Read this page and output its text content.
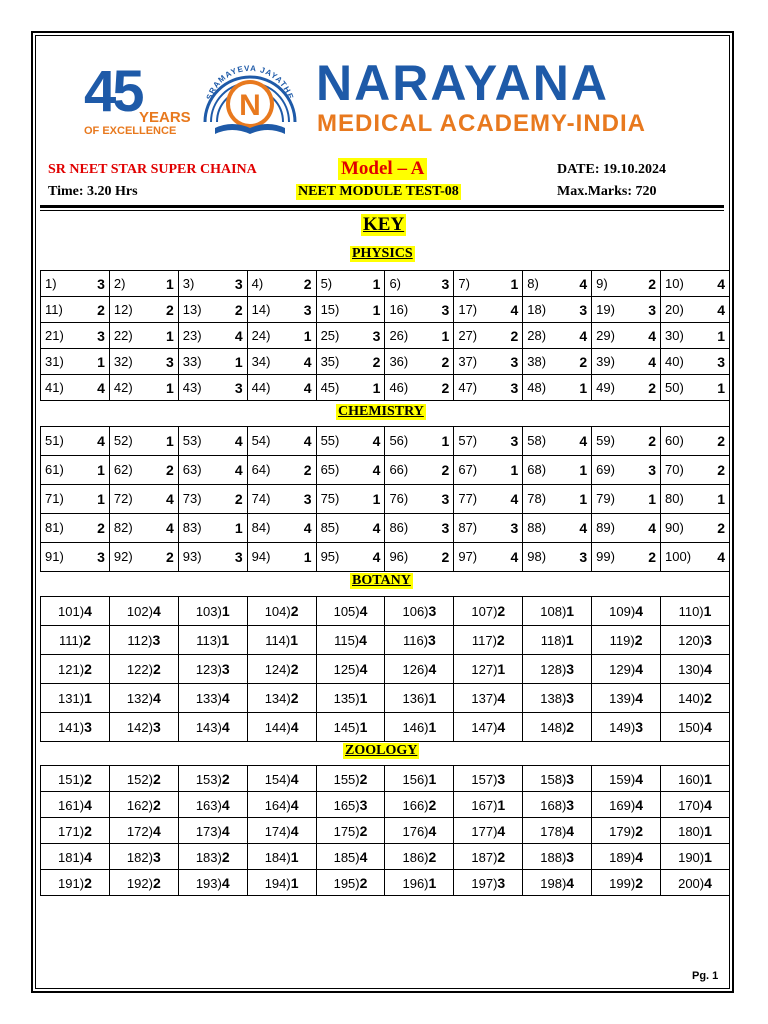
45
YEARS
OF EXCELLENCE
SRAMAYEVA JAYATHE
N NARAYANA
MEDICAL ACADEMY-INDIA
SR NEET STAR SUPER CHAINA	Model – A	DATE: 19.10.2024
Time: 3.20 Hrs	NEET MODULE TEST-08	Max.Marks: 720
KEY
PHYSICS
1) 3	2) 1	3) 3	4) 2	5) 1	6) 3	7) 1	8) 4	9) 2	10) 4

11) 2	12) 2	13) 2	14) 3	15) 1	16) 3	17) 4	18) 3	19) 3	20) 4

21) 3	22) 1	23) 4	24) 1	25) 3	26) 1	27) 2	28) 4	29) 4	30) 1

31) 1	32) 3	33) 1	34) 4	35) 2	36) 2	37) 3	38) 2	39) 4	40) 3

41) 4	42) 1	43) 3	44) 4	45) 1	46) 2	47) 3	48) 1	49) 2	50) 1
CHEMISTRY
51) 4	52) 1	53) 4	54) 4	55) 4	56) 1	57) 3	58) 4	59) 2	60) 2

61) 1	62) 2	63) 4	64) 2	65) 4	66) 2	67) 1	68) 1	69) 3	70) 2

71) 1	72) 4	73) 2	74) 3	75) 1	76) 3	77) 4	78) 1	79) 1	80) 1

81) 2	82) 4	83) 1	84) 4	85) 4	86) 3	87) 3	88) 4	89) 4	90) 2

91) 3	92) 2	93) 3	94) 1	95) 4	96) 2	97) 4	98) 3	99) 2	100) 4
BOTANY
101)4	102)4	103)1	104)2	105)4	106)3	107)2	108)1	109)4	110)1
111)2	112)3	113)1	114)1	115)4	116)3	117)2	118)1	119)2	120)3
121)2	122)2	123)3	124)2	125)4	126)4	127)1	128)3	129)4	130)4
131)1	132)4	133)4	134)2	135)1	136)1	137)4	138)3	139)4	140)2
141)3	142)3	143)4	144)4	145)1	146)1	147)4	148)2	149)3	150)4
ZOOLOGY
151)2	152)2	153)2	154)4	155)2	156)1	157)3	158)3	159)4	160)1
161)4	162)2	163)4	164)4	165)3	166)2	167)1	168)3	169)4	170)4
171)2	172)4	173)4	174)4	175)2	176)4	177)4	178)4	179)2	180)1
181)4	182)3	183)2	184)1	185)4	186)2	187)2	188)3	189)4	190)1
191)2	192)2	193)4	194)1	195)2	196)1	197)3	198)4	199)2	200)4
Pg. 1
